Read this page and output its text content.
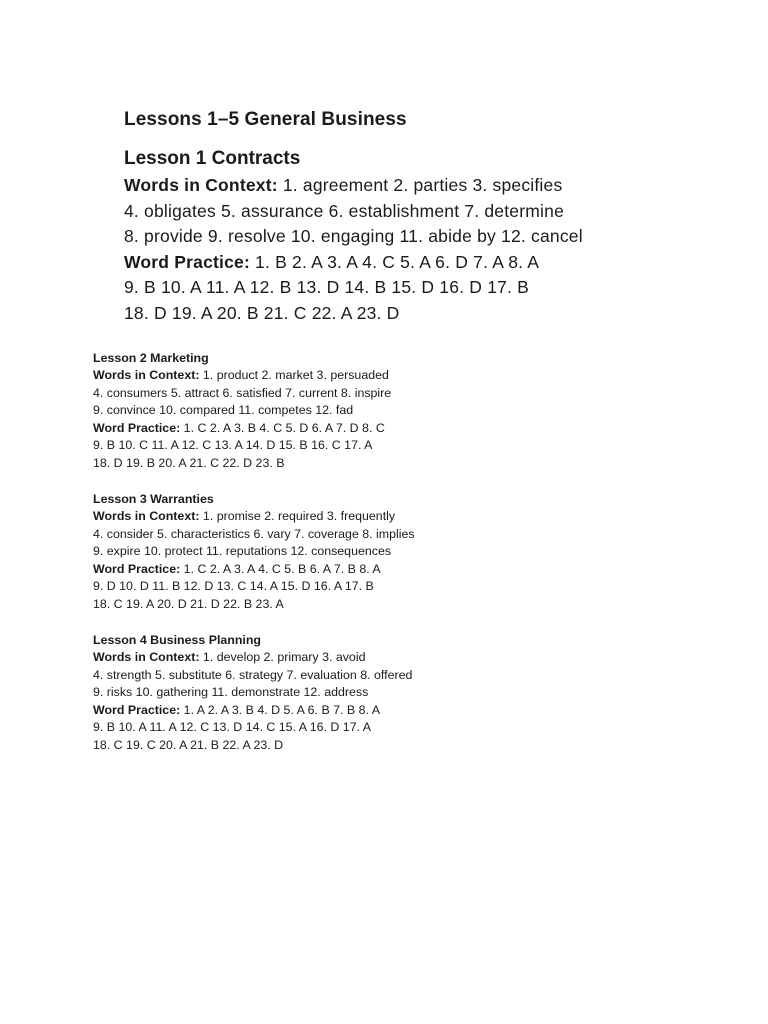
Lessons 1–5 General Business
Lesson 1 Contracts
Words in Context: 1. agreement 2. parties 3. specifies
4. obligates 5. assurance 6. establishment 7. determine
8. provide 9. resolve 10. engaging 11. abide by 12. cancel
Word Practice: 1. B 2. A 3. A 4. C 5. A 6. D 7. A 8. A
9. B 10. A 11. A 12. B 13. D 14. B 15. D 16. D 17. B
18. D 19. A 20. B 21. C 22. A 23. D
Lesson 2 Marketing
Words in Context: 1. product 2. market 3. persuaded
4. consumers 5. attract 6. satisfied 7. current 8. inspire
9. convince 10. compared 11. competes 12. fad
Word Practice: 1. C 2. A 3. B 4. C 5. D 6. A 7. D 8. C
9. B 10. C 11. A 12. C 13. A 14. D 15. B 16. C 17. A
18. D 19. B 20. A 21. C 22. D 23. B
Lesson 3 Warranties
Words in Context: 1. promise 2. required 3. frequently
4. consider 5. characteristics 6. vary 7. coverage 8. implies
9. expire 10. protect 11. reputations 12. consequences
Word Practice: 1. C 2. A 3. A 4. C 5. B 6. A 7. B 8. A
9. D 10. D 11. B 12. D 13. C 14. A 15. D 16. A 17. B
18. C 19. A 20. D 21. D 22. B 23. A
Lesson 4 Business Planning
Words in Context: 1. develop 2. primary 3. avoid
4. strength 5. substitute 6. strategy 7. evaluation 8. offered
9. risks 10. gathering 11. demonstrate 12. address
Word Practice: 1. A 2. A 3. B 4. D 5. A 6. B 7. B 8. A
9. B 10. A 11. A 12. C 13. D 14. C 15. A 16. D 17. A
18. C 19. C 20. A 21. B 22. A 23. D
